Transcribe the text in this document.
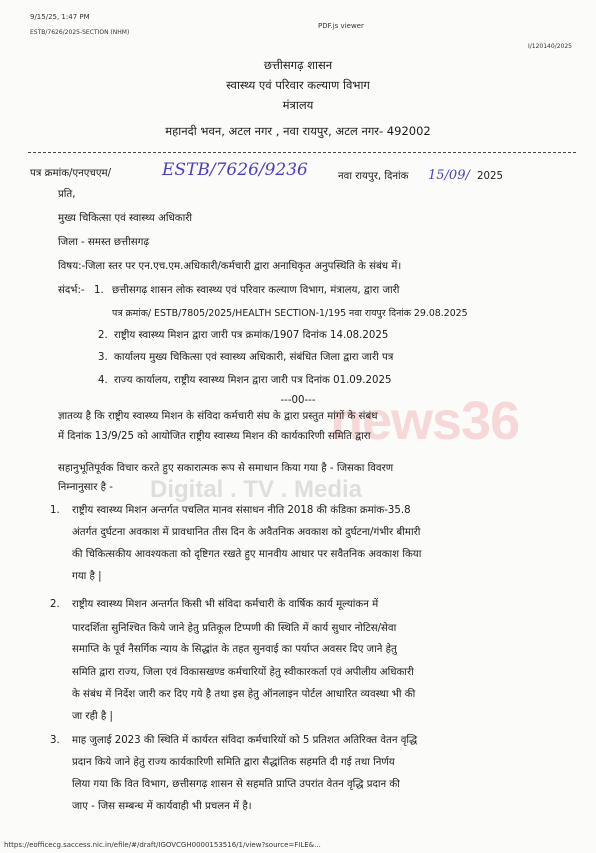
9/15/25, 1:47 PM
PDF.js viewer
ESTB/7626/2025-SECTION (NHM)
I/120140/2025
news36
Digital . TV . Media
छत्तीसगढ़ शासन
स्वास्थ्य एवं परिवार कल्याण विभाग
मंत्रालय
महानदी भवन, अटल नगर , नवा रायपुर, अटल नगर- 492002
पत्र क्रमांक/एनएचएम/	ESTB/7626/9236	नवा रायपुर, दिनांक 15/09/ 2025
प्रति,
मुख्य चिकित्सा एवं स्वास्थ्य अधिकारी
जिला - समस्त छत्तीसगढ़
विषय:-जिला स्तर पर एन.एच.एम.अधिकारी/कर्मचारी द्वारा अनाधिकृत अनुपस्थिति के संबंध में।
संदर्भ:- 1. छत्तीसगढ़ शासन लोक स्वास्थ्य एवं परिवार कल्याण विभाग, मंत्रालय, द्वारा जारी
पत्र क्रमांक/ ESTB/7805/2025/HEALTH SECTION-1/195 नवा रायपुर दिनांक 29.08.2025
2. राष्ट्रीय स्वास्थ्य मिशन द्वारा जारी पत्र क्रमांक/1907 दिनांक 14.08.2025
3. कार्यालय मुख्य चिकित्सा एवं स्वास्थ्य अधिकारी, संबंधित जिला द्वारा जारी पत्र
4. राज्य कार्यालय, राष्ट्रीय स्वास्थ्य मिशन द्वारा जारी पत्र दिनांक 01.09.2025
---00---
ज्ञातव्य है कि राष्ट्रीय स्वास्थ्य मिशन के संविदा कर्मचारी संघ के द्वारा प्रस्तुत मांगों के संबंध
में दिनांक 13/9/25 को आयोजित राष्ट्रीय स्वास्थ्य मिशन की कार्यकारिणी समिति द्वारा
सहानुभूतिपूर्वक विचार करते हुए सकारात्मक रूप से समाधान किया गया है - जिसका विवरण
निम्नानुसार है -
1. राष्ट्रीय स्वास्थ्य मिशन अन्तर्गत पचलित मानव संसाधन नीति 2018 की कंडिका क्रमांक-35.8
अंतर्गत दुर्घटना अवकाश में प्रावधानित तीस दिन के अवैतनिक अवकाश को दुर्घटना/गंभीर बीमारी
की चिकित्सकीय आवश्यकता को दृष्टिगत रखते हुए मानवीय आधार पर सवैतनिक अवकाश किया
गया है |
2. राष्ट्रीय स्वास्थ्य मिशन अन्तर्गत किसी भी संविदा कर्मचारी के वार्षिक कार्य मूल्यांकन में
पारदर्शिता सुनिश्चित किये जाने हेतु प्रतिकूल टिप्पणी की स्थिति में कार्य सुधार नोटिस/सेवा
समाप्ति के पूर्व नैसर्गिक न्याय के सिद्धांत के तहत सुनवाई का पर्याप्त अवसर दिए जाने हेतु
समिति द्वारा राज्य, जिला एवं विकासखण्ड कर्मचारियों हेतु स्वीकारकर्ता एवं अपीलीय अधिकारी
के संबंध में निर्देश जारी कर दिए गये है तथा इस हेतु ऑनलाइन पोर्टल आधारित व्यवस्था भी की
जा रही है |
3. माह जुलाई 2023 की स्थिति में कार्यरत संविदा कर्मचारियों को 5 प्रतिशत अतिरिक्त वेतन वृद्धि
प्रदान किये जाने हेतु राज्य कार्यकारिणी समिति द्वारा सैद्धांतिक सहमति दी गई तथा निर्णय
लिया गया कि वित विभाग, छत्तीसगढ़ शासन से सहमति प्राप्ति उपरांत वेतन वृद्धि प्रदान की
जाए - जिस सम्बन्ध में कार्यवाही भी प्रचलन में है।
https://eofficecg.saccess.nic.in/efile/#/draft/IGOVCGH0000153516/1/view?source=FILE&...
